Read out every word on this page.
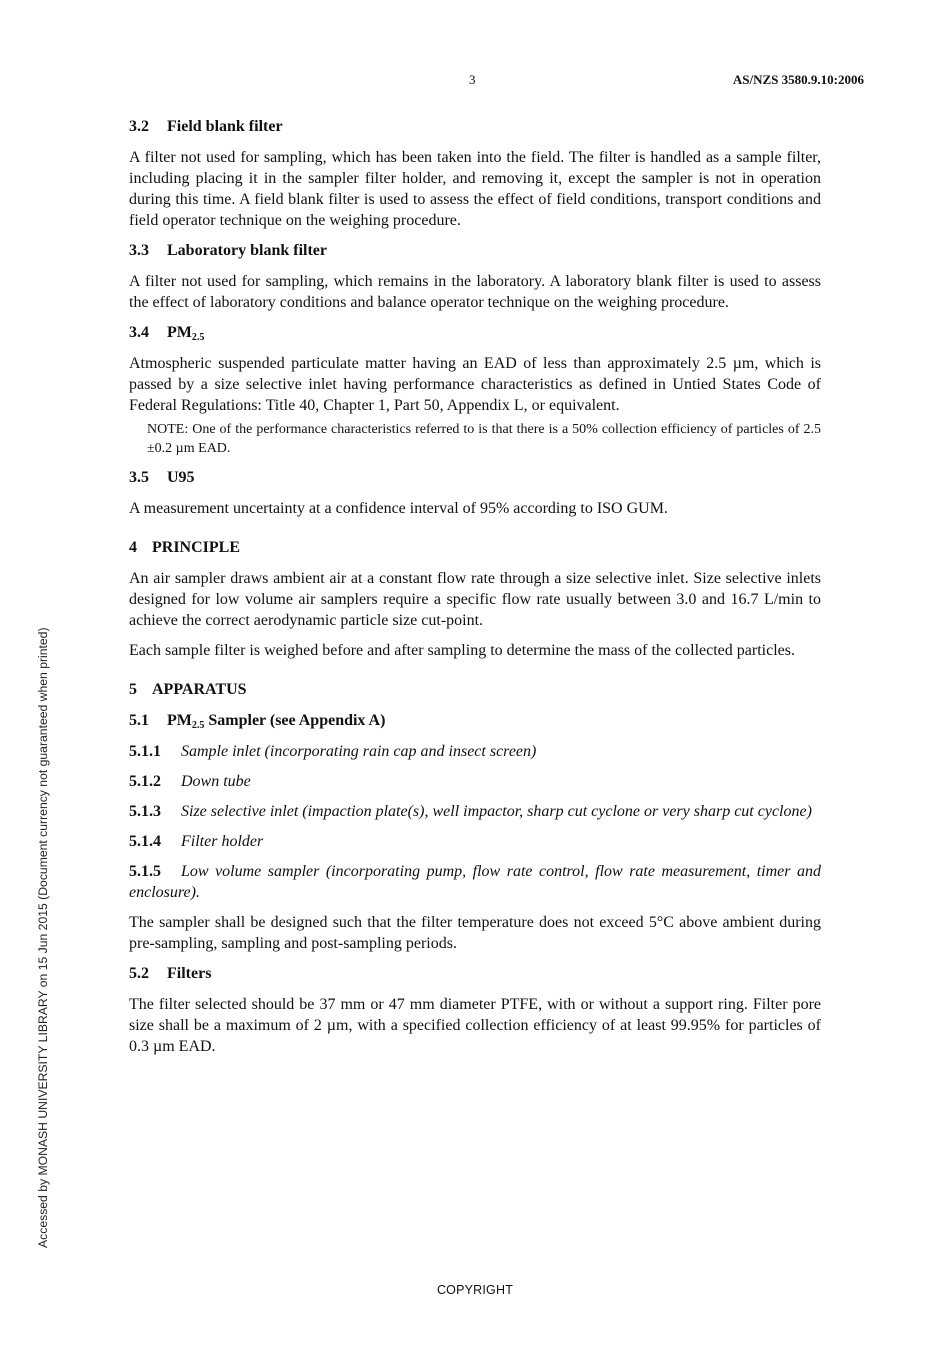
3	AS/NZS 3580.9.10:2006
Accessed by MONASH UNIVERSITY LIBRARY on 15 Jun 2015 (Document currency not guaranteed when printed)
3.2 Field blank filter

A filter not used for sampling, which has been taken into the field. The filter is handled as a sample filter, including placing it in the sampler filter holder, and removing it, except the sampler is not in operation during this time. A field blank filter is used to assess the effect of field conditions, transport conditions and field operator technique on the weighing procedure.

3.3 Laboratory blank filter

A filter not used for sampling, which remains in the laboratory. A laboratory blank filter is used to assess the effect of laboratory conditions and balance operator technique on the weighing procedure.

3.4 $PM_{2.5}$

Atmospheric suspended particulate matter having an EAD of less than approximately 2.5 µm, which is passed by a size selective inlet having performance characteristics as defined in Untied States Code of Federal Regulations: Title 40, Chapter 1, Part 50, Appendix L, or equivalent.

NOTE: One of the performance characteristics referred to is that there is a 50% collection efficiency of particles of 2.5 ±0.2 µm EAD.

3.5 U95

A measurement uncertainty at a confidence interval of 95% according to ISO GUM.

4 PRINCIPLE

An air sampler draws ambient air at a constant flow rate through a size selective inlet. Size selective inlets designed for low volume air samplers require a specific flow rate usually between 3.0 and 16.7 L/min to achieve the correct aerodynamic particle size cut-point.

Each sample filter is weighed before and after sampling to determine the mass of the collected particles.

5 APPARATUS
5.1 $PM_{2.5}$ Sampler (see Appendix A)
5.1.1 Sample inlet (incorporating rain cap and insect screen)
5.1.2 Down tube
5.1.3 Size selective inlet (impaction plate(s), well impactor, sharp cut cyclone or very sharp cut cyclone)
5.1.4 Filter holder
5.1.5 Low volume sampler (incorporating pump, flow rate control, flow rate measurement, timer and enclosure).

The sampler shall be designed such that the filter temperature does not exceed 5°C above ambient during pre-sampling, sampling and post-sampling periods.

5.2 Filters

The filter selected should be 37 mm or 47 mm diameter PTFE, with or without a support ring. Filter pore size shall be a maximum of 2 µm, with a specified collection efficiency of at least 99.95% for particles of 0.3 µm EAD.

COPYRIGHT
